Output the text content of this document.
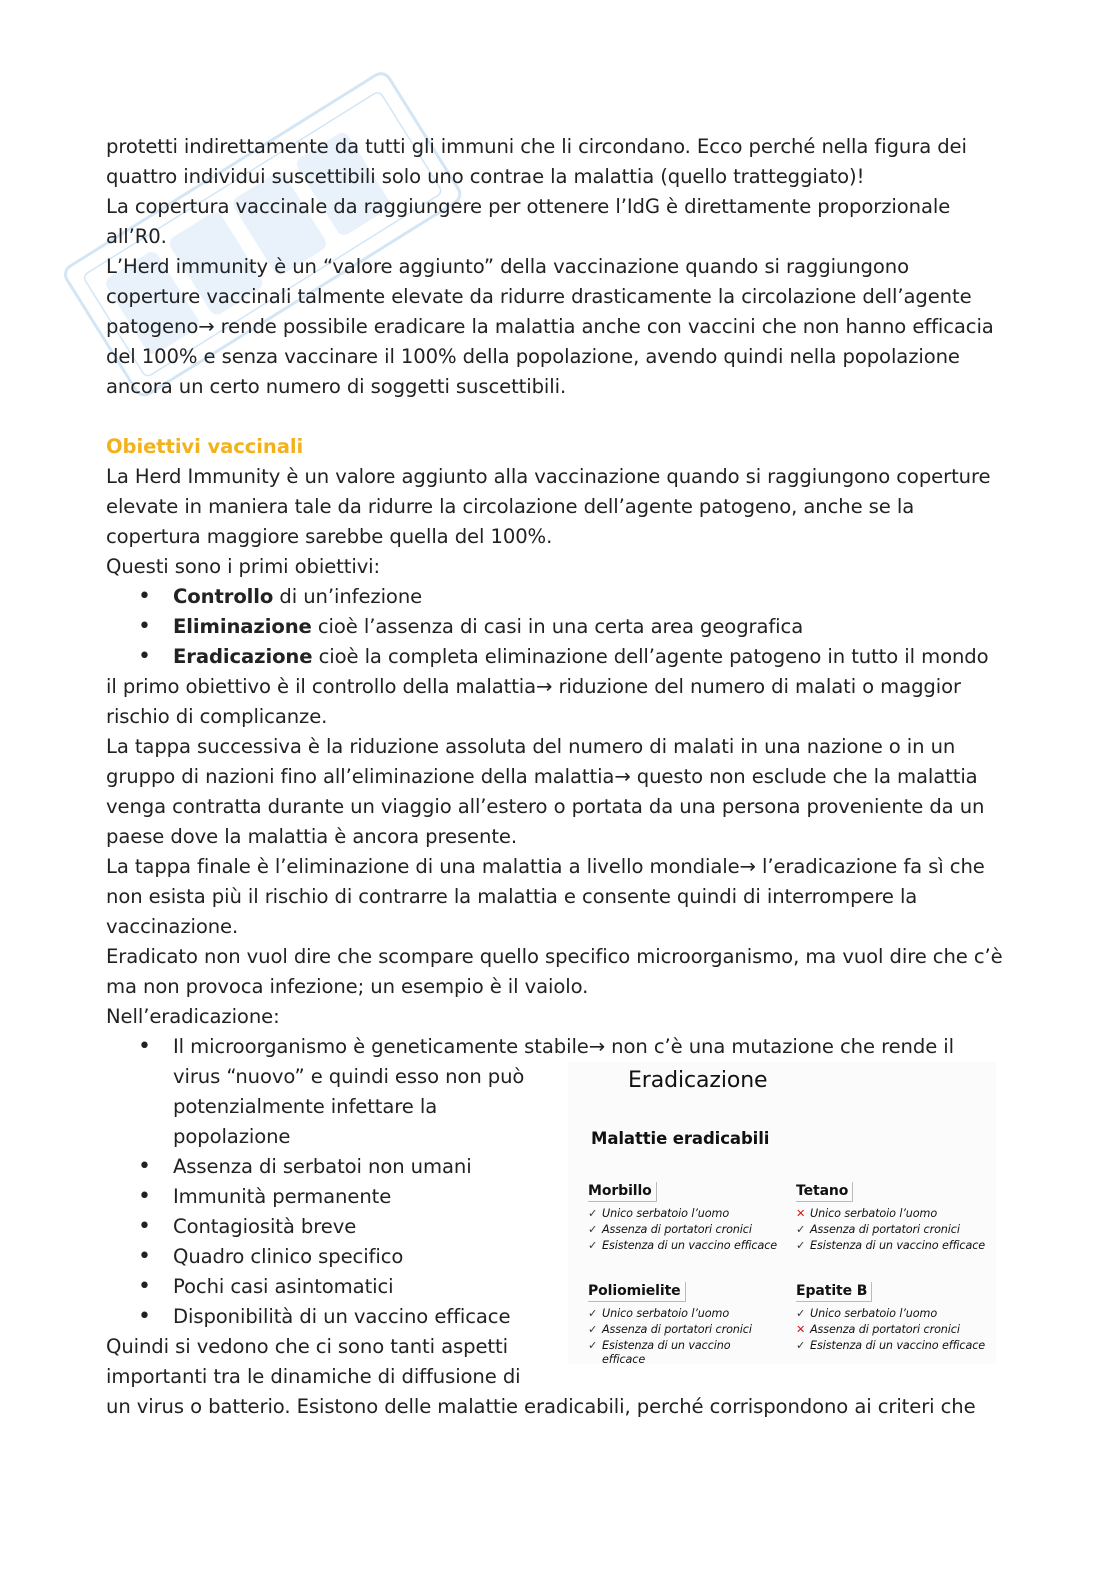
protetti indirettamente da tutti gli immuni che li circondano. Ecco perché nella figura dei quattro individui suscettibili solo uno contrae la malattia (quello tratteggiato)!

La copertura vaccinale da raggiungere per ottenere l’IdG è direttamente proporzionale all’R0.

L’Herd immunity è un “valore aggiunto” della vaccinazione quando si raggiungono coperture vaccinali talmente elevate da ridurre drasticamente la circolazione dell’agente patogeno→ rende possibile eradicare la malattia anche con vaccini che non hanno efficacia del 100% e senza vaccinare il 100% della popolazione, avendo quindi nella popolazione ancora un certo numero di soggetti suscettibili.

Obiettivi vaccinali

La Herd Immunity è un valore aggiunto alla vaccinazione quando si raggiungono coperture elevate in maniera tale da ridurre la circolazione dell’agente patogeno, anche se la copertura maggiore sarebbe quella del 100%.

Questi sono i primi obiettivi:

• Controllo di un’infezione
• Eliminazione cioè l’assenza di casi in una certa area geografica
• Eradicazione cioè la completa eliminazione dell’agente patogeno in tutto il mondo

il primo obiettivo è il controllo della malattia→ riduzione del numero di malati o maggior rischio di complicanze.

La tappa successiva è la riduzione assoluta del numero di malati in una nazione o in un gruppo di nazioni fino all’eliminazione della malattia→ questo non esclude che la malattia venga contratta durante un viaggio all’estero o portata da una persona proveniente da un paese dove la malattia è ancora presente.

La tappa finale è l’eliminazione di una malattia a livello mondiale→ l’eradicazione fa sì che non esista più il rischio di contrarre la malattia e consente quindi di interrompere la vaccinazione.

Eradicato non vuol dire che scompare quello specifico microorganismo, ma vuol dire che c’è ma non provoca infezione; un esempio è il vaiolo.

Nell’eradicazione:

• Il microorganismo è geneticamente stabile→ non c’è una mutazione che rende il
virus “nuovo” e quindi esso non può potenzialmente infettare la popolazione
• Assenza di serbatoi non umani
• Immunità permanente
• Contagiosità breve
• Quadro clinico specifico
• Pochi casi asintomatici
• Disponibilità di un vaccino efficace

Quindi si vedono che ci sono tanti aspetti importanti tra le dinamiche di diffusione di

Eradicazione
Malattie eradicabili
Morbillo
✓ Unico serbatoio l’uomo
✓ Assenza di portatori cronici
✓ Esistenza di un vaccino efficace
Tetano
✕ Unico serbatoio l’uomo
✓ Assenza di portatori cronici
✓ Esistenza di un vaccino efficace
Poliomielite
✓ Unico serbatoio l’uomo
✓ Assenza di portatori cronici
✓ Esistenza di un vaccino
efficace
Epatite B
✓ Unico serbatoio l’uomo
✕ Assenza di portatori cronici
✓ Esistenza di un vaccino efficace

un virus o batterio. Esistono delle malattie eradicabili, perché corrispondono ai criteri che
